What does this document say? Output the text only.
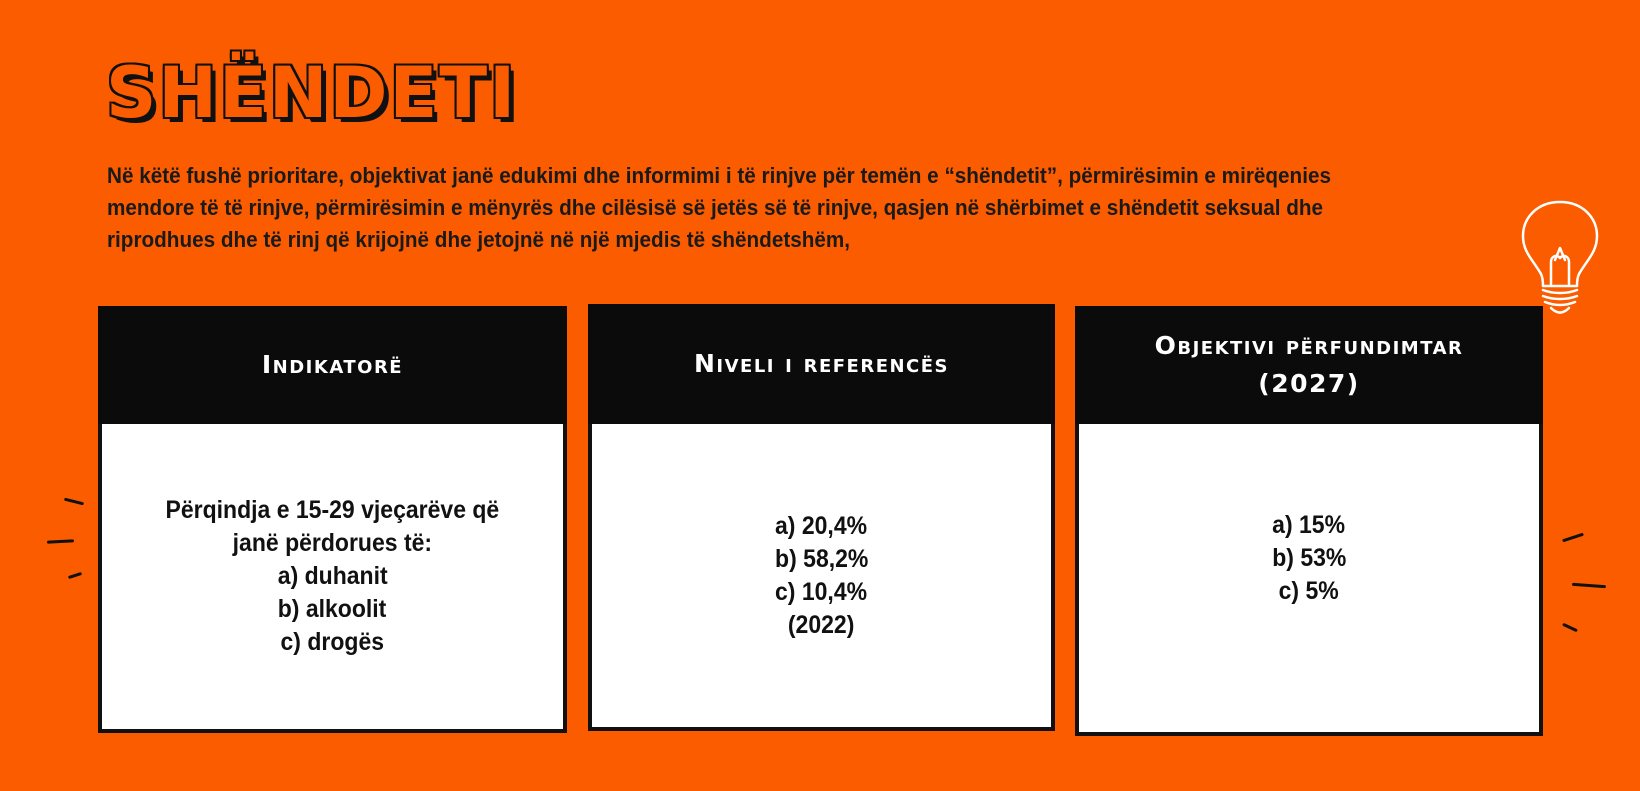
SHËNDETI

Në këtë fushë prioritare, objektivat janë edukimi dhe informimi i të rinjve për temën e “shëndetit”, përmirësimin e mirëqenies mendore të të rinjve, përmirësimin e mënyrës dhe cilësisë së jetës së të rinjve, qasjen në shërbimet e shëndetit seksual dhe riprodhues dhe të rinj që krijojnë dhe jetojnë në një mjedis të shëndetshëm,

Indikatorë
Përqindja e 15-29 vjeçarëve që
janë përdorues të:
a) duhanit
b) alkoolit
c) drogës
Niveli i referencës
a) 20,4%
b) 58,2%
c) 10,4%
(2022)
Objektivi përfundimtar
(2027)
a) 15%
b) 53%
c) 5%
